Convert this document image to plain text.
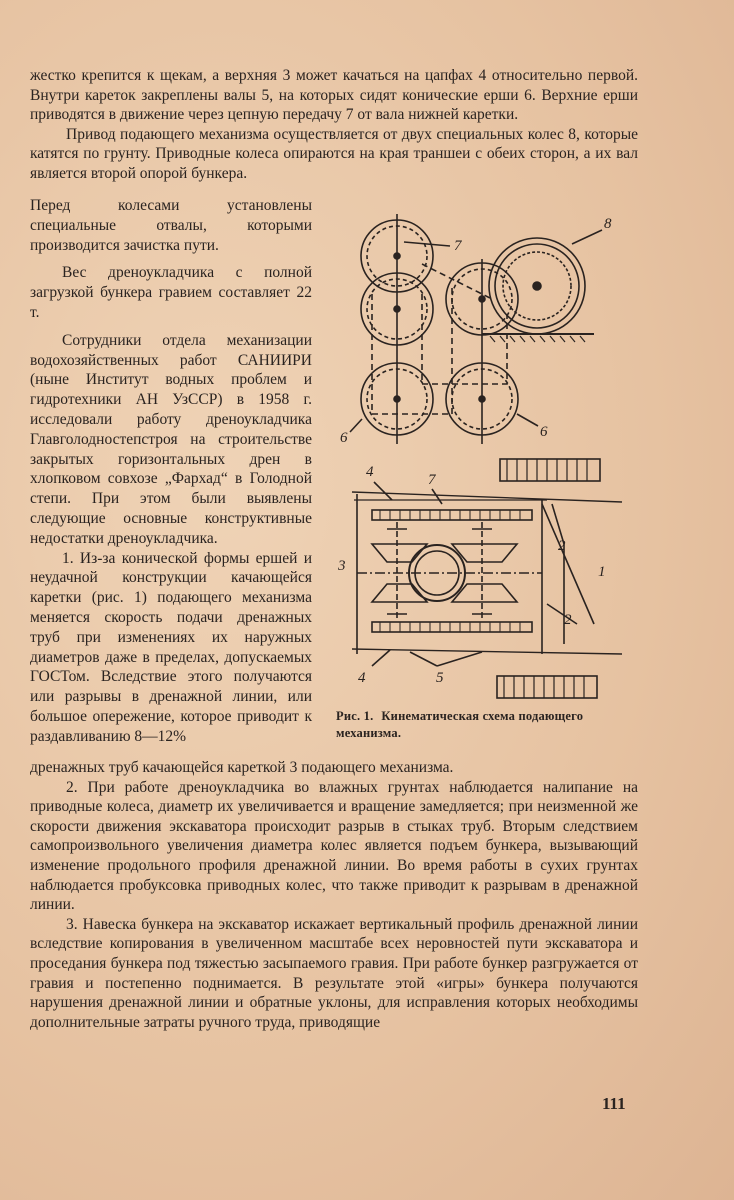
жестко крепится к щекам, а верхняя 3 может качаться на цапфах 4 относительно первой. Внутри кареток закреплены валы 5, на которых сидят конические ерши 6. Верхние ерши приводятся в движение через цепную передачу 7 от вала нижней каретки.

Привод подающего механизма осуществляется от двух специальных колес 8, которые катятся по грунту. Приводные колеса опираются на края траншеи с обеих сторон, а их вал является второй опорой бункера.

Перед колесами установлены специальные отвалы, которыми производится зачистка пути.

Вес дреноукладчика с полной загрузкой бункера гравием составляет 22 т.

Сотрудники отдела механизации водохозяйственных работ САНИИРИ (ныне Институт водных проблем и гидротехники АН УзССР) в 1958 г. исследовали работу дреноукладчика Главголодностепстроя на строительстве закрытых горизонтальных дрен в хлопковом совхозе „Фархад“ в Голодной степи. При этом были выявлены следующие основные конструктивные недостатки дреноукладчика.

1. Из-за конической формы ершей и неудачной конструкции качающейся каретки (рис. 1) подающего механизма меняется скорость подачи дренажных труб при изменениях их наружных диаметров даже в пределах, допускаемых ГОСТом. Вследствие этого получаются или разрывы в дренажной линии, или большое опережение, которое приводит к раздавливанию 8—12%

7
8
6	6
4	7
3
2
1
2
4	5
Рис. 1. Кинематическая схема подающего механизма.

дренажных труб качающейся кареткой 3 подающего механизма.

2. При работе дреноукладчика во влажных грунтах наблюдается налипание на приводные колеса, диаметр их увеличивается и вращение замедляется; при неизменной же скорости движения экскаватора происходит разрыв в стыках труб. Вторым следствием самопроизвольного увеличения диаметра колес является подъем бункера, вызывающий изменение продольного профиля дренажной линии. Во время работы в сухих грунтах наблюдается пробуксовка приводных колес, что также приводит к разрывам в дренажной линии.

3. Навеска бункера на экскаватор искажает вертикальный профиль дренажной линии вследствие копирования в увеличенном масштабе всех неровностей пути экскаватора и проседания бункера под тяжестью засыпаемого гравия. При работе бункер разгружается от гравия и постепенно поднимается. В результате этой «игры» бункера получаются нарушения дренажной линии и обратные уклоны, для исправления которых необходимы дополнительные затраты ручного труда, приводящие

111
